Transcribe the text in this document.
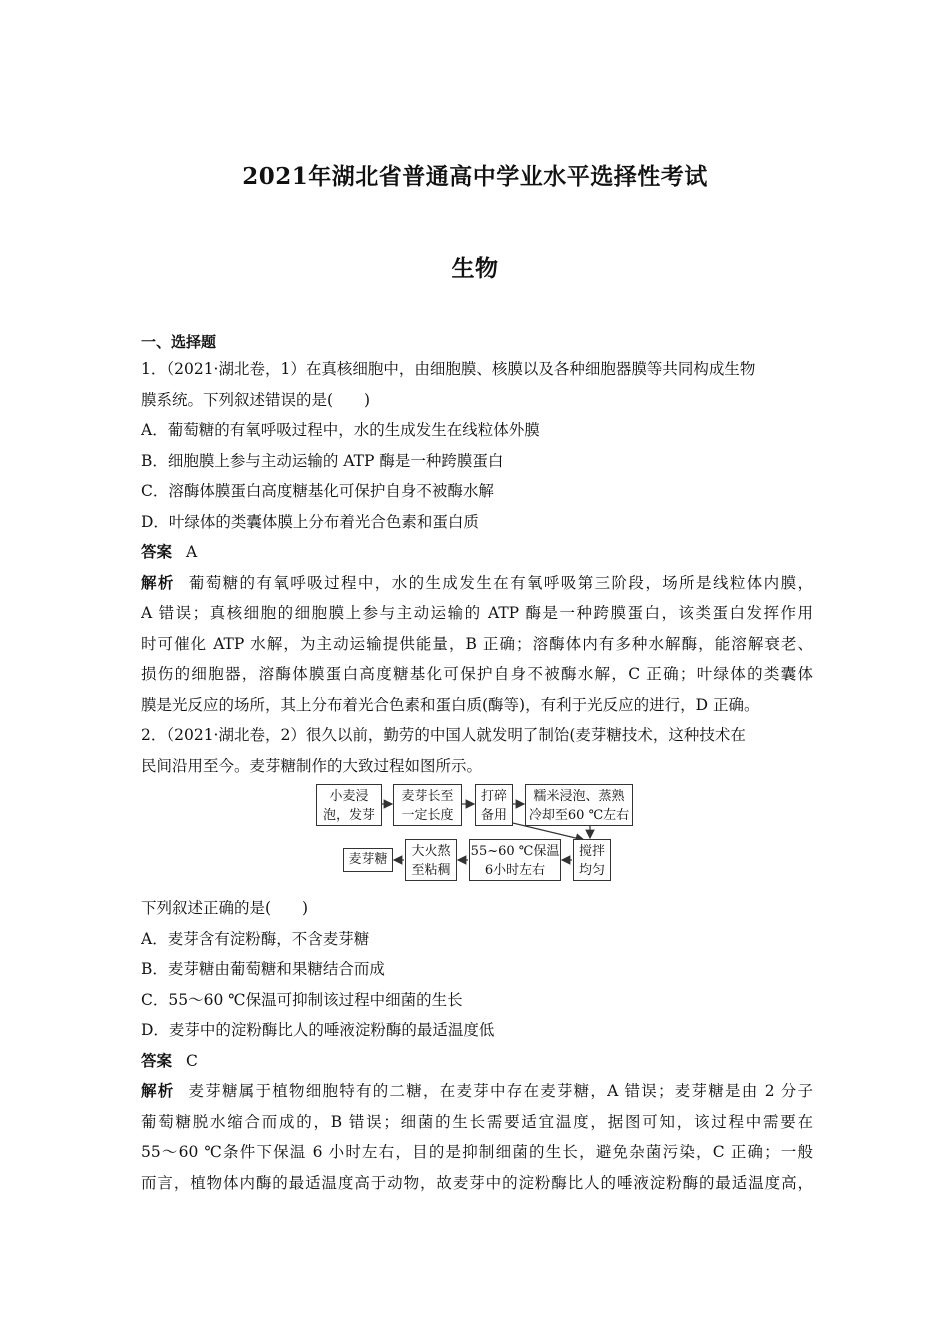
2021年湖北省普通高中学业水平选择性考试
生物
一、选择题
1．（2021·湖北卷，1）在真核细胞中，由细胞膜、核膜以及各种细胞器膜等共同构成生物
膜系统。下列叙述错误的是(　　)
A．葡萄糖的有氧呼吸过程中，水的生成发生在线粒体外膜
B．细胞膜上参与主动运输的 ATP 酶是一种跨膜蛋白
C．溶酶体膜蛋白高度糖基化可保护自身不被酶水解
D．叶绿体的类囊体膜上分布着光合色素和蛋白质
答案 A
解析 葡萄糖的有氧呼吸过程中，水的生成发生在有氧呼吸第三阶段，场所是线粒体内膜，
A 错误；真核细胞的细胞膜上参与主动运输的 ATP 酶是一种跨膜蛋白，该类蛋白发挥作用
时可催化 ATP 水解，为主动运输提供能量，B 正确；溶酶体内有多种水解酶，能溶解衰老、
损伤的细胞器，溶酶体膜蛋白高度糖基化可保护自身不被酶水解，C 正确；叶绿体的类囊体
膜是光反应的场所，其上分布着光合色素和蛋白质(酶等)，有利于光反应的进行，D 正确。
2．（2021·湖北卷，2）很久以前，勤劳的中国人就发明了制饴(麦芽糖技术，这种技术在
民间沿用至今。麦芽糖制作的大致过程如图所示。
小麦浸
泡，发芽
麦芽长至
一定长度
打碎
备用
糯米浸泡、蒸熟
冷却至60 ℃左右
搅拌
均匀
55~60 ℃保温
6小时左右
大火熬
至粘稠
麦芽糖
下列叙述正确的是(　　)
A．麦芽含有淀粉酶，不含麦芽糖
B．麦芽糖由葡萄糖和果糖结合而成
C．55～60 ℃保温可抑制该过程中细菌的生长
D．麦芽中的淀粉酶比人的唾液淀粉酶的最适温度低
答案 C
解析 麦芽糖属于植物细胞特有的二糖，在麦芽中存在麦芽糖，A 错误；麦芽糖是由 2 分子
葡萄糖脱水缩合而成的，B 错误；细菌的生长需要适宜温度，据图可知，该过程中需要在
55～60 ℃条件下保温 6 小时左右，目的是抑制细菌的生长，避免杂菌污染，C 正确；一般
而言，植物体内酶的最适温度高于动物，故麦芽中的淀粉酶比人的唾液淀粉酶的最适温度高，
